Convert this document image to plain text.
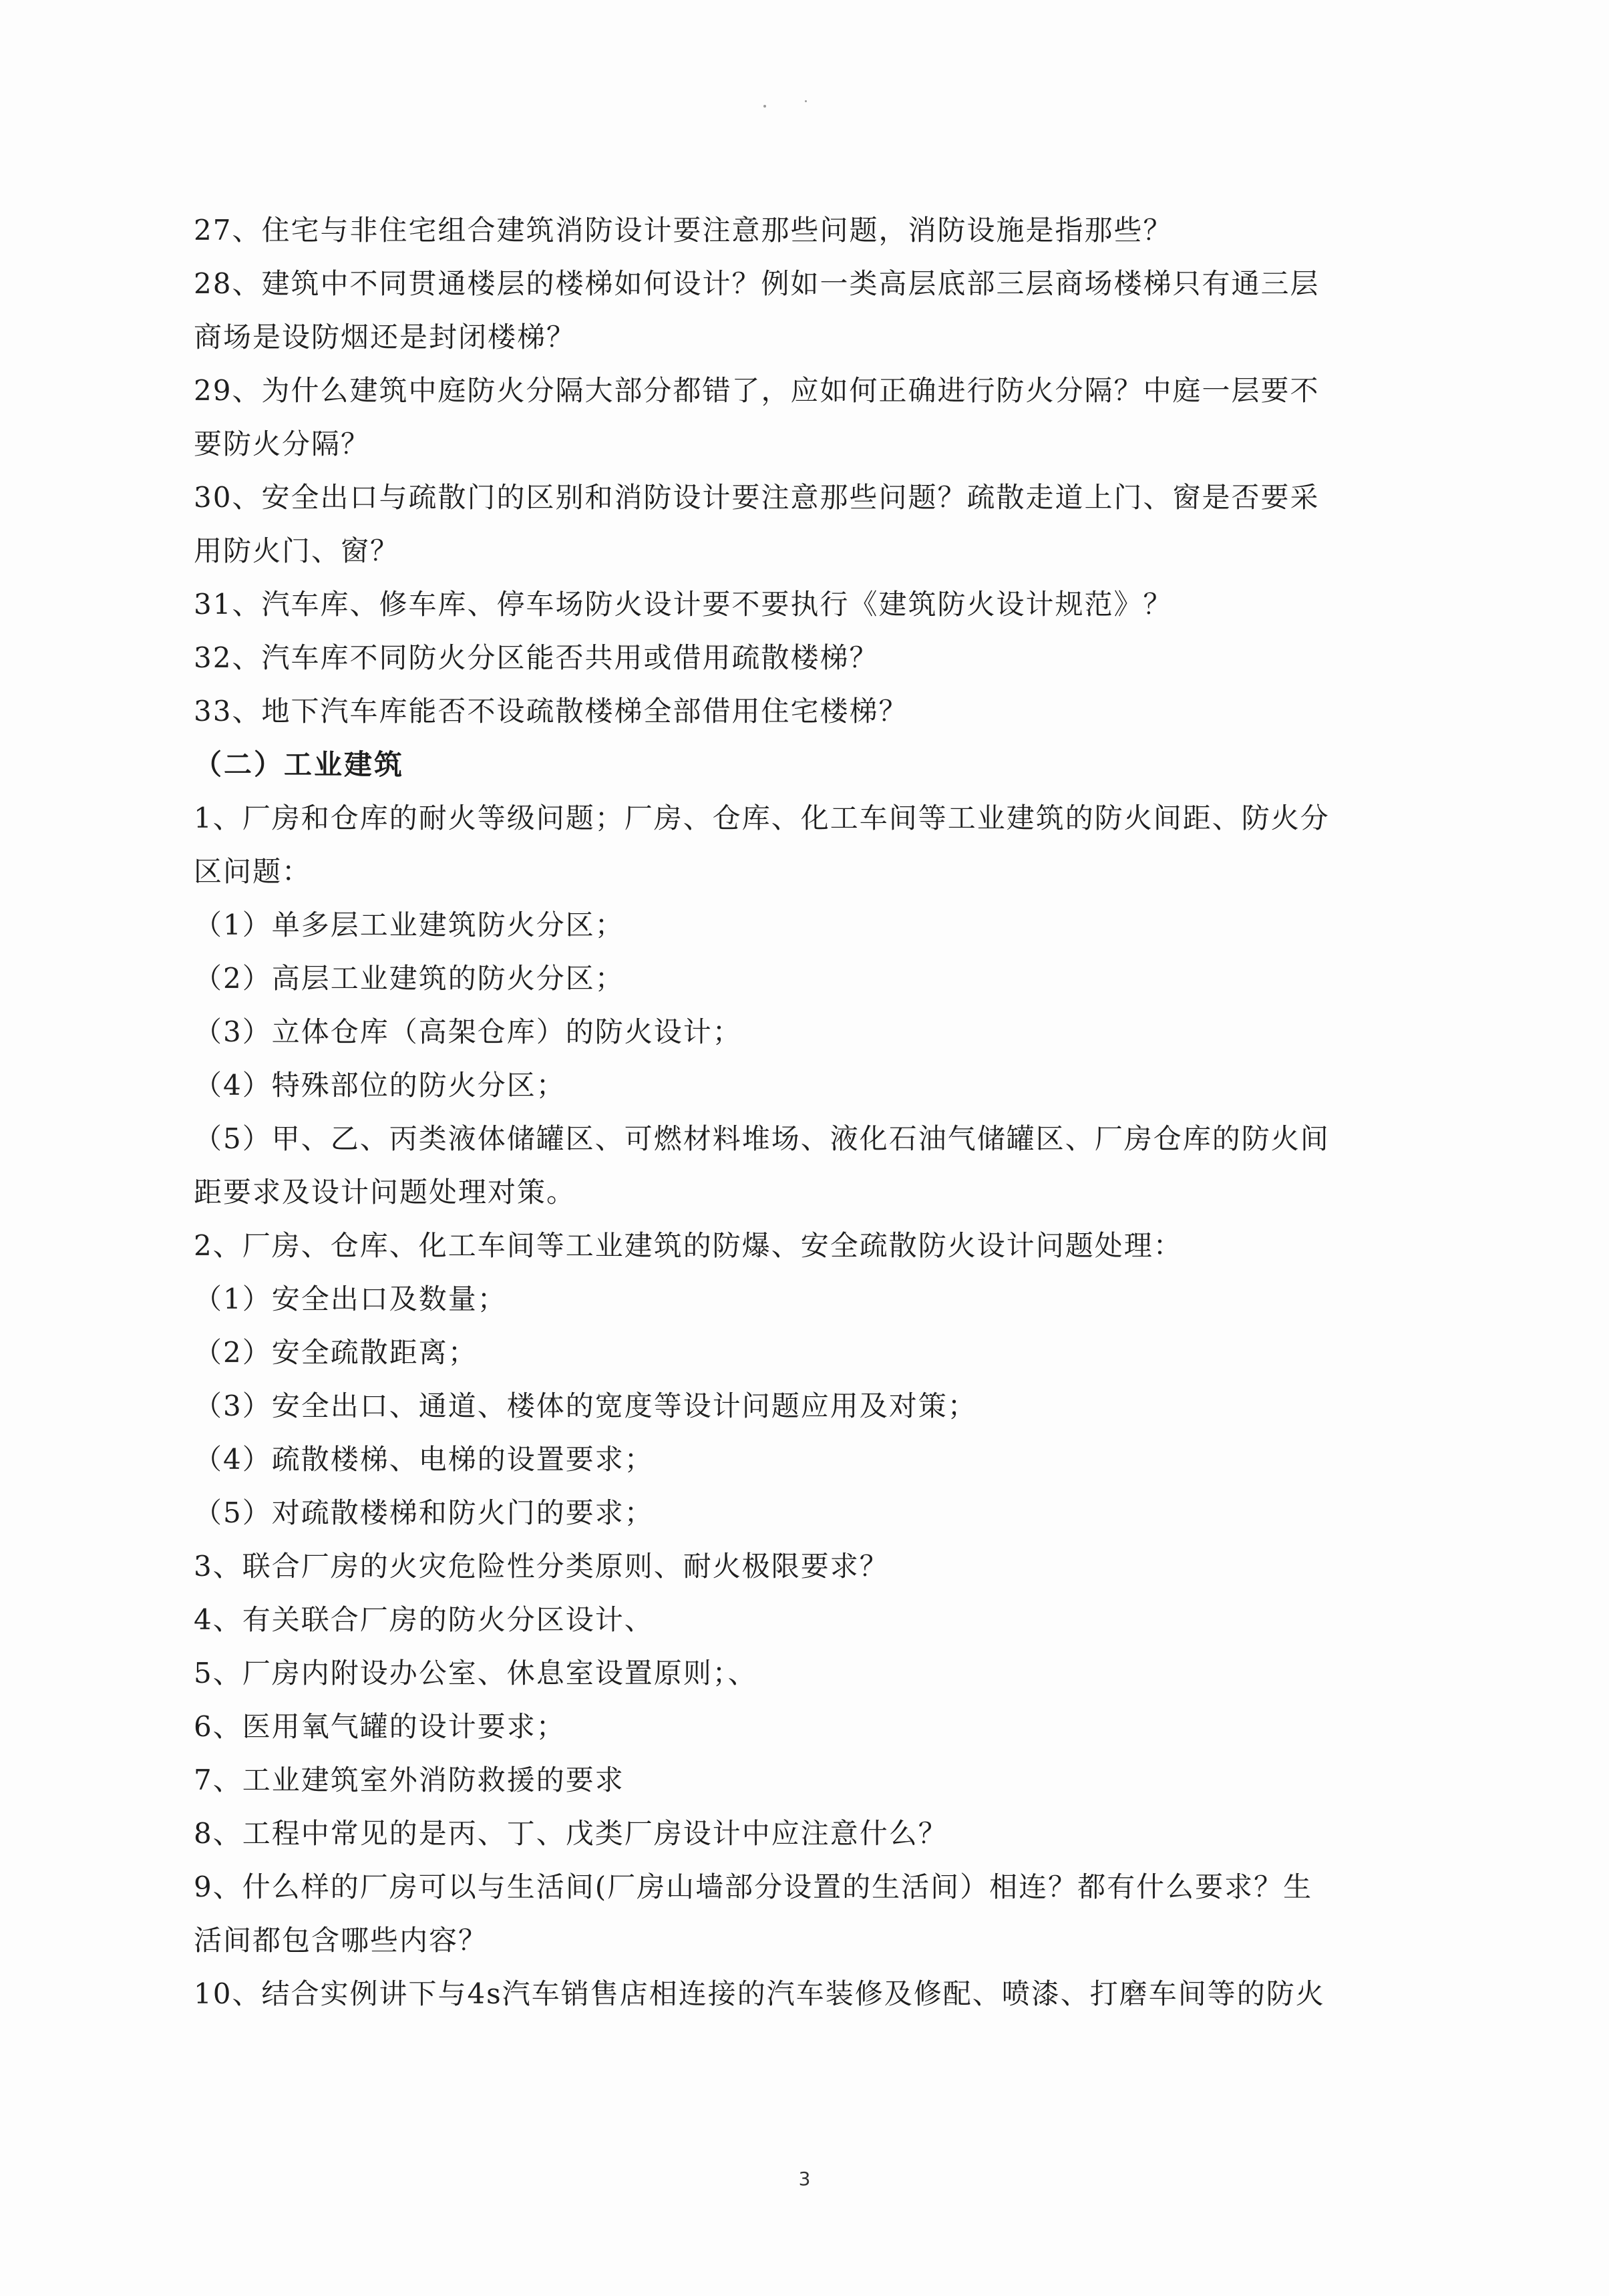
27、住宅与非住宅组合建筑消防设计要注意那些问题，消防设施是指那些？
28、建筑中不同贯通楼层的楼梯如何设计？例如一类高层底部三层商场楼梯只有通三层
商场是设防烟还是封闭楼梯？
29、为什么建筑中庭防火分隔大部分都错了，应如何正确进行防火分隔？中庭一层要不
要防火分隔？
30、安全出口与疏散门的区别和消防设计要注意那些问题？疏散走道上门、窗是否要采
用防火门、窗？
31、汽车库、修车库、停车场防火设计要不要执行《建筑防火设计规范》？
32、汽车库不同防火分区能否共用或借用疏散楼梯？
33、地下汽车库能否不设疏散楼梯全部借用住宅楼梯？
（二）工业建筑
1、厂房和仓库的耐火等级问题；厂房、仓库、化工车间等工业建筑的防火间距、防火分
区问题：
（1）单多层工业建筑防火分区；
（2）高层工业建筑的防火分区；
（3）立体仓库（高架仓库）的防火设计；
（4）特殊部位的防火分区；
（5）甲、乙、丙类液体储罐区、可燃材料堆场、液化石油气储罐区、厂房仓库的防火间
距要求及设计问题处理对策。
2、厂房、仓库、化工车间等工业建筑的防爆、安全疏散防火设计问题处理：
（1）安全出口及数量；
（2）安全疏散距离；
（3）安全出口、通道、楼体的宽度等设计问题应用及对策；
（4）疏散楼梯、电梯的设置要求；
（5）对疏散楼梯和防火门的要求；
3、联合厂房的火灾危险性分类原则、耐火极限要求？
4、有关联合厂房的防火分区设计、
5、厂房内附设办公室、休息室设置原则；、
6、医用氧气罐的设计要求；
7、工业建筑室外消防救援的要求
8、工程中常见的是丙、丁、戊类厂房设计中应注意什么？
9、什么样的厂房可以与生活间(厂房山墙部分设置的生活间）相连？都有什么要求？生
活间都包含哪些内容？
10、结合实例讲下与4s汽车销售店相连接的汽车装修及修配、喷漆、打磨车间等的防火
3
